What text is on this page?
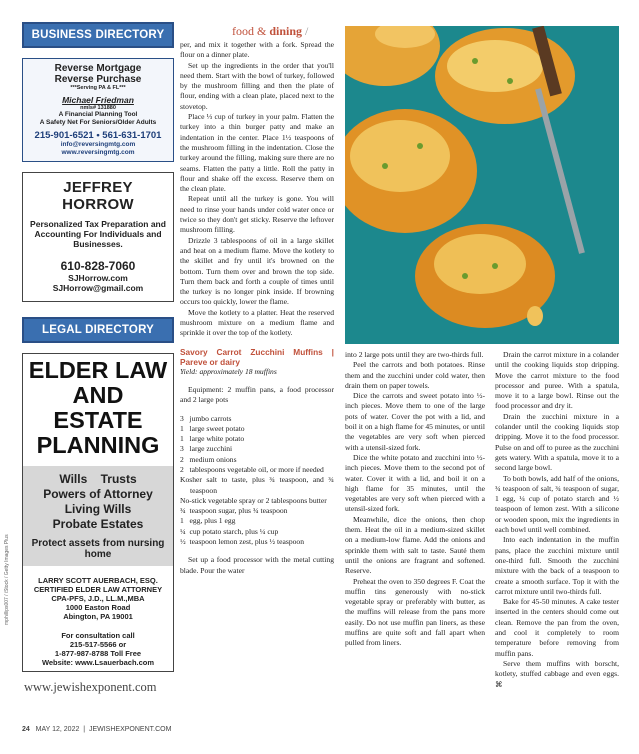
BUSINESS DIRECTORY
Reverse Mortgage
Reverse Purchase
***Serving PA & FL***
Michael Friedman
nmls# 131880
A Financial Planning Tool
A Safety Net For Seniors/Older Adults
215-901-6521 • 561-631-1701
info@reversingmtg.com
www.reversingmtg.com
JEFFREY HORROW
Personalized Tax Preparation and Accounting For Individuals and Businesses.
610-828-7060
SJHorrow.com
SJHorrow@gmail.com
LEGAL DIRECTORY
ELDER LAW
AND
ESTATE
PLANNING
Wills    Trusts
Powers of Attorney
Living Wills
Probate Estates
Protect assets from nursing home
LARRY SCOTT AUERBACH, ESQ.
CERTIFIED ELDER LAW ATTORNEY
CPA-PFS, J.D., LL.M.,MBA
1000 Easton Road
Abington, PA 19001
For consultation call
215-517-5566 or
1-877-987-8788 Toll Free
Website: www.Lsauerbach.com
www.jewishexponent.com
mphillips007 / iStock / Getty Images Plus
food & dining /

per, and mix it together with a fork. Spread the flour on a dinner plate.

Set up the ingredients in the order that you'll need them. Start with the bowl of turkey, followed by the mushroom filling and then the plate of flour, ending with a clean plate, placed next to the stovetop.

Place ⅓ cup of turkey in your palm. Flatten the turkey into a thin burger patty and make an indentation in the center. Place 1½ teaspoons of the mushroom filling in the indentation. Close the turkey around the filling, making sure there are no seams. Flatten the patty a little. Roll the patty in flour and shake off the excess. Reserve them on the clean plate.

Repeat until all the turkey is gone. You will need to rinse your hands under cold water once or twice so they don't get sticky. Reserve the leftover mushroom filling.

Drizzle 3 tablespoons of oil in a large skillet and heat on a medium flame. Move the kotlety to the skillet and fry until it's browned on the bottom. Turn them over and brown the top side. Turn them back and forth a couple of times until the turkey is no longer pink inside. If browning occurs too quickly, lower the flame.

Move the kotlety to a platter. Heat the reserved mushroom mixture on a medium flame and sprinkle it over the top of the kotlety.

Savory Carrot Zucchini Muffins | Pareve or dairy
Yield: approximately 18 muffins

Equipment: 2 muffin pans, a food processor and 2 large pots

3   jumbo carrots
1   large sweet potato
1   large white potato
3   large zucchini
2   medium onions
2   tablespoons vegetable oil, or more if needed
Kosher salt to taste, plus ¾ teaspoon, and ¾ teaspoon
No-stick vegetable spray or 2 tablespoons butter
¾  teaspoon sugar, plus ¾ teaspoon
1   egg, plus 1 egg
¼  cup potato starch, plus ¼ cup
½  teaspoon lemon zest, plus ½ teaspoon

Set up a food processor with the metal cutting blade. Pour the water

into 2 large pots until they are two-thirds full.

Peel the carrots and both potatoes. Rinse them and the zucchini under cold water, then drain them on paper towels.

Dice the carrots and sweet potato into ½-inch pieces. Move them to one of the large pots of water. Cover the pot with a lid, and boil it on a high flame for 45 minutes, or until the vegetables are very soft when pierced with a utensil-sized fork.

Dice the white potato and zucchini into ½-inch pieces. Move them to the second pot of water. Cover it with a lid, and boil it on a high flame for 35 minutes, until the vegetables are very soft when pierced with a utensil-sized fork.

Meanwhile, dice the onions, then chop them. Heat the oil in a medium-sized skillet on a medium-low flame. Add the onions and sprinkle them with salt to taste. Sauté them until the onions are fragrant and softened. Reserve.

Preheat the oven to 350 degrees F. Coat the muffin tins generously with no-stick vegetable spray or preferably with butter, as the muffins will release from the pans more easily. Do not use muffin pan liners, as these muffins are quite soft and fall apart when pulled from liners.

Drain the carrot mixture in a colander until the cooking liquids stop dripping. Move the carrot mixture to the food processor and puree. With a spatula, move it to a large bowl. Rinse out the food processor and dry it.

Drain the zucchini mixture in a colander until the cooking liquids stop dripping. Move it to the food processor. Pulse on and off to puree as the zucchini gets watery. With a spatula, move it to a second large bowl.

To both bowls, add half of the onions, ¾ teaspoon of salt, ¾ teaspoon of sugar, 1 egg, ¼ cup of potato starch and ½ teaspoon of lemon zest. With a silicone or wooden spoon, mix the ingredients in each bowl until well combined.

Into each indentation in the muffin pans, place the zucchini mixture until one-third full. Smooth the zucchini mixture with the back of a teaspoon to create a smooth surface. Top it with the carrot mixture until two-thirds full.

Bake for 45-50 minutes. A cake tester inserted in the centers should come out clean. Remove the pan from the oven, and cool it completely to room temperature before removing from muffin pans.

Serve them muffins with borscht, kotlety, stuffed cabbage and even eggs. ⌘

24 MAY 12, 2022  |  JEWISHEXPONENT.COM
